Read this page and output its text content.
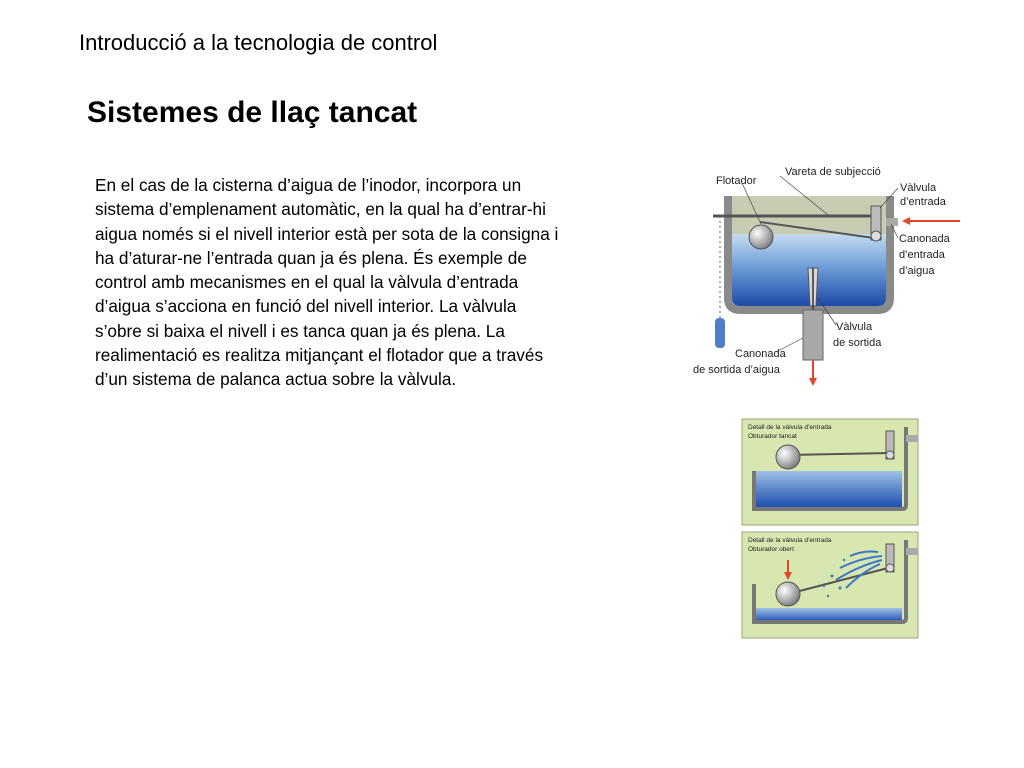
Introducció a la tecnologia de control
Sistemes de llaç tancat
En el cas de la cisterna d’aigua de l’inodor, incorpora un
sistema d’emplenament automàtic, en la qual ha d’entrar-hi
aigua només si el nivell interior està per sota de la consigna i
ha d’aturar-ne l’entrada quan ja és plena. És exemple de
control amb mecanismes en el qual la vàlvula d’entrada
d’aigua s’acciona en funció del nivell interior. La vàlvula
s’obre si baixa el nivell i es tanca quan ja és plena. La
realimentació es realitza mitjançant el flotador que a través
d’un sistema de palanca actua sobre la vàlvula.
Flotador
Vareta de subjecció
Vàlvula
d’entrada
Canonada
d’entrada
d’aigua
Vàlvula
de sortida
Canonada
de sortida d’aigua
Detall de la vàlvula d’entrada
Obturador tancat
Detall de la vàlvula d’entrada
Obturador obert
